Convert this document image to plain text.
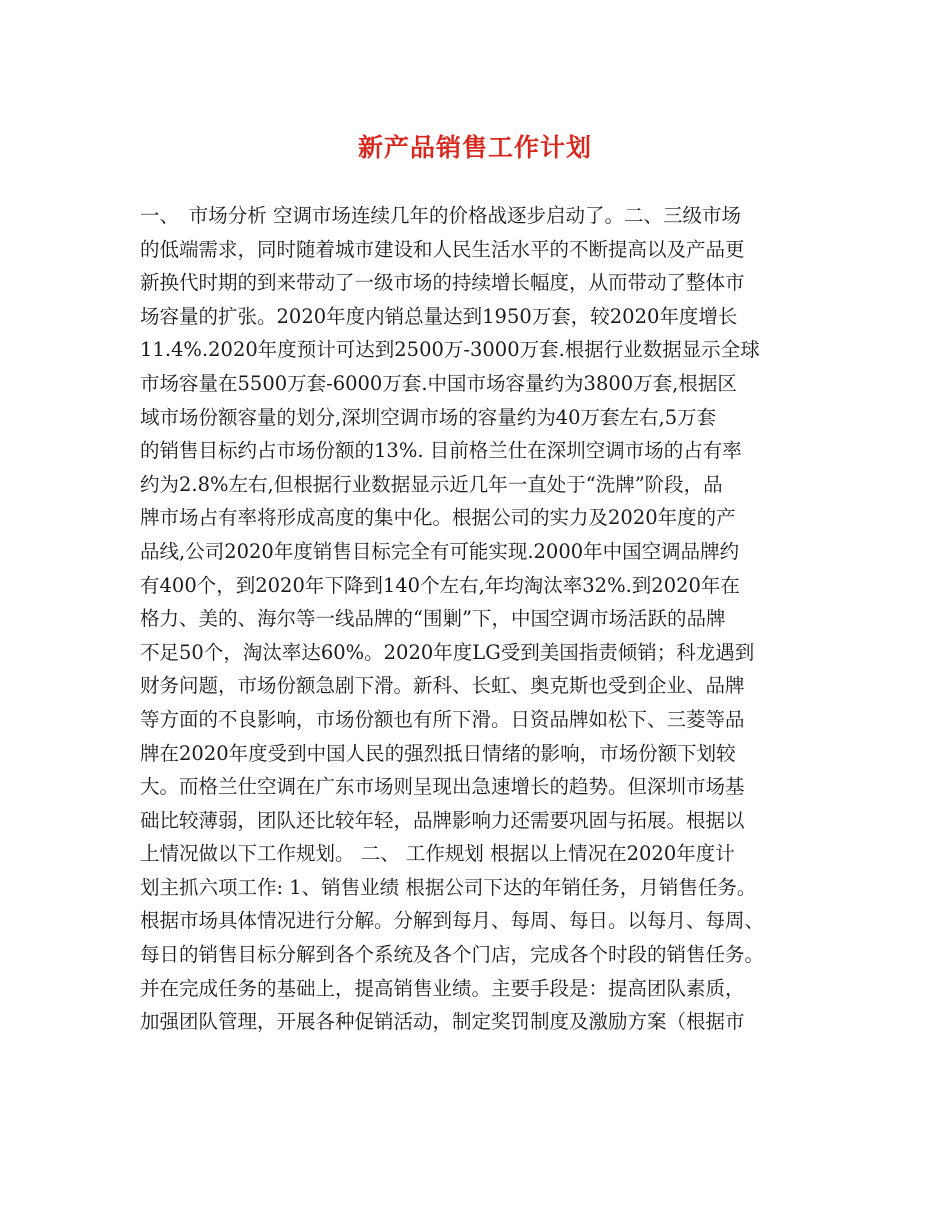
新产品销售工作计划
一、　市场分析 空调市场连续几年的价格战逐步启动了。二、三级市场
的低端需求，同时随着城市建设和人民生活水平的不断提高以及产品更
新换代时期的到来带动了一级市场的持续增长幅度，从而带动了整体市
场容量的扩张。2020年度内销总量达到1950万套，较2020年度增长
11.4%.2020年度预计可达到2500万-3000万套.根据行业数据显示全球
市场容量在5500万套-6000万套.中国市场容量约为3800万套,根据区
域市场份额容量的划分,深圳空调市场的容量约为40万套左右,5万套
的销售目标约占市场份额的13%. 目前格兰仕在深圳空调市场的占有率
约为2.8%左右,但根据行业数据显示近几年一直处于“洗牌”阶段，品
牌市场占有率将形成高度的集中化。根据公司的实力及2020年度的产
品线,公司2020年度销售目标完全有可能实现.2000年中国空调品牌约
有400个，到2020年下降到140个左右,年均淘汰率32%.到2020年在
格力、美的、海尔等一线品牌的“围剿”下，中国空调市场活跃的品牌
不足50个，淘汰率达60%。2020年度LG受到美国指责倾销；科龙遇到
财务问题，市场份额急剧下滑。新科、长虹、奥克斯也受到企业、品牌
等方面的不良影响，市场份额也有所下滑。日资品牌如松下、三菱等品
牌在2020年度受到中国人民的强烈抵日情绪的影响，市场份额下划较
大。而格兰仕空调在广东市场则呈现出急速增长的趋势。但深圳市场基
础比较薄弱，团队还比较年轻，品牌影响力还需要巩固与拓展。根据以
上情况做以下工作规划。 二、 工作规划 根据以上情况在2020年度计
划主抓六项工作: 1、销售业绩 根据公司下达的年销任务，月销售任务。
根据市场具体情况进行分解。分解到每月、每周、每日。以每月、每周、
每日的销售目标分解到各个系统及各个门店，完成各个时段的销售任务。
并在完成任务的基础上，提高销售业绩。主要手段是：提高团队素质，
加强团队管理，开展各种促销活动，制定奖罚制度及激励方案（根据市
